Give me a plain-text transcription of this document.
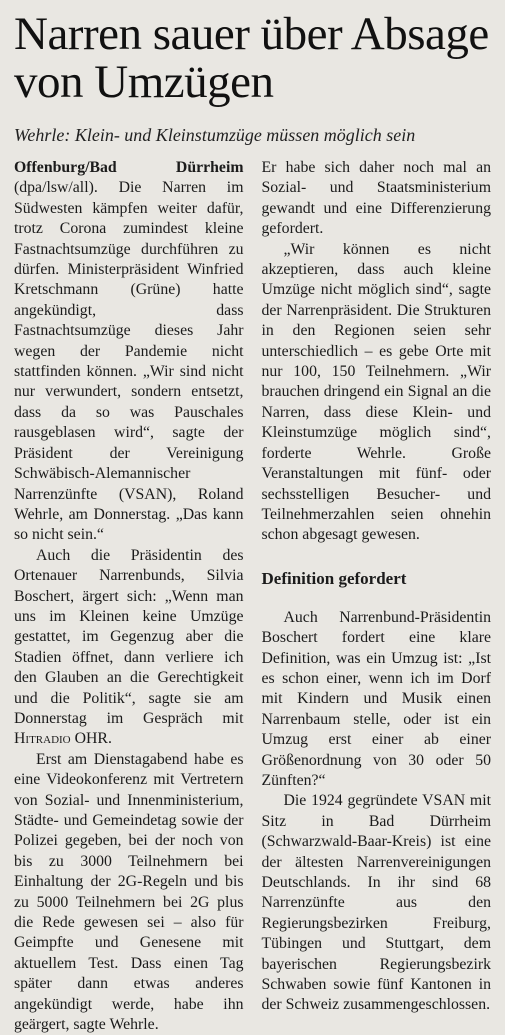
Narren sauer über Absage von Umzügen
Wehrle: Klein- und Kleinstumzüge müssen möglich sein

Offenburg/Bad Dürrheim (dpa/lsw/all). Die Narren im Südwesten kämpfen weiter dafür, trotz Corona zumindest kleine Fastnachtsumzüge durchführen zu dürfen. Ministerpräsident Winfried Kretschmann (Grüne) hatte angekündigt, dass Fastnachtsumzüge dieses Jahr wegen der Pandemie nicht stattfinden können. „Wir sind nicht nur verwundert, sondern entsetzt, dass da so was Pauschales rausgeblasen wird“, sagte der Präsident der Vereinigung Schwäbisch-Alemannischer Narrenzünfte (VSAN), Roland Wehrle, am Donnerstag. „Das kann so nicht sein.“

Auch die Präsidentin des Ortenauer Narrenbunds, Silvia Boschert, ärgert sich: „Wenn man uns im Kleinen keine Umzüge gestattet, im Gegenzug aber die Stadien öffnet, dann verliere ich den Glauben an die Gerechtigkeit und die Politik“, sagte sie am Donnerstag im Gespräch mit Hitradio OHR.

Erst am Dienstagabend habe es eine Videokonferenz mit Vertretern von Sozial- und Innenministerium, Städte- und Gemeindetag sowie der Polizei gegeben, bei der noch von bis zu 3000 Teilnehmern bei Einhaltung der 2G-Regeln und bis zu 5000 Teilnehmern bei 2G plus die Rede gewesen sei – also für Geimpfte und Genesene mit aktuellem Test. Dass einen Tag später dann etwas anderes angekündigt werde, habe ihn geärgert, sagte Wehrle.

Er habe sich daher noch mal an Sozial- und Staatsministerium gewandt und eine Differenzierung gefordert.

„Wir können es nicht akzeptieren, dass auch kleine Umzüge nicht möglich sind“, sagte der Narrenpräsident. Die Strukturen in den Regionen seien sehr unterschiedlich – es gebe Orte mit nur 100, 150 Teilnehmern. „Wir brauchen dringend ein Signal an die Narren, dass diese Klein- und Kleinstumzüge möglich sind“, forderte Wehrle. Große Veranstaltungen mit fünf- oder sechsstelligen Besucher- und Teilnehmerzahlen seien ohnehin schon abgesagt gewesen.

Definition gefordert

Auch Narrenbund-Präsidentin Boschert fordert eine klare Definition, was ein Umzug ist: „Ist es schon einer, wenn ich im Dorf mit Kindern und Musik einen Narrenbaum stelle, oder ist ein Umzug erst einer ab einer Größenordnung von 30 oder 50 Zünften?“

Die 1924 gegründete VSAN mit Sitz in Bad Dürrheim (Schwarzwald-Baar-Kreis) ist eine der ältesten Narrenvereinigungen Deutschlands. In ihr sind 68 Narrenzünfte aus den Regierungsbezirken Freiburg, Tübingen und Stuttgart, dem bayerischen Regierungsbezirk Schwaben sowie fünf Kantonen in der Schweiz zusammengeschlossen.
